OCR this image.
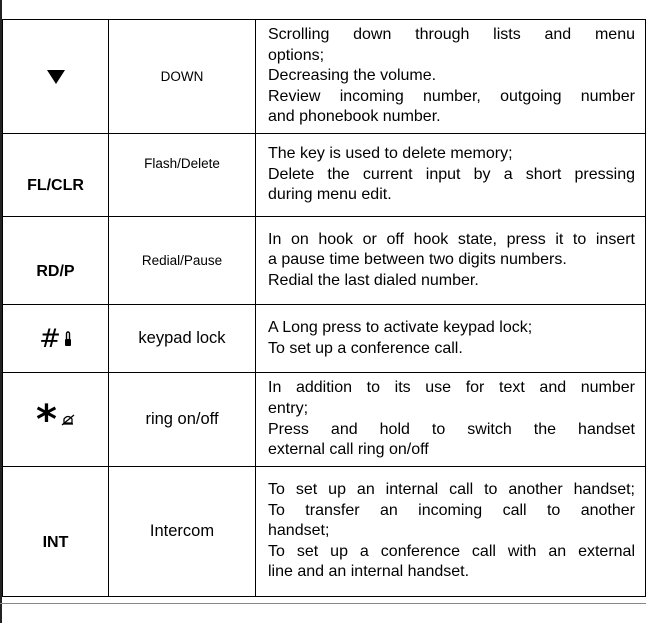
	DOWN	Scrolling down through lists and menu
options;
Decreasing the volume.
Review incoming number, outgoing number
and phonebook number.

FL/CLR	Flash/Delete	The key is used to delete memory;
Delete the current input by a short pressing
during menu edit.

RD/P	Redial/Pause	In on hook or off hook state, press it to insert
a pause time between two digits numbers.
Redial the last dialed number.

#	keypad lock	A Long press to activate keypad lock;
To set up a conference call.

*	ring on/off	In addition to its use for text and number
entry;
Press and hold to switch the handset
external call ring on/off

INT	Intercom	To set up an internal call to another handset;
To transfer an incoming call to another
handset;
To set up a conference call with an external
line and an internal handset.
